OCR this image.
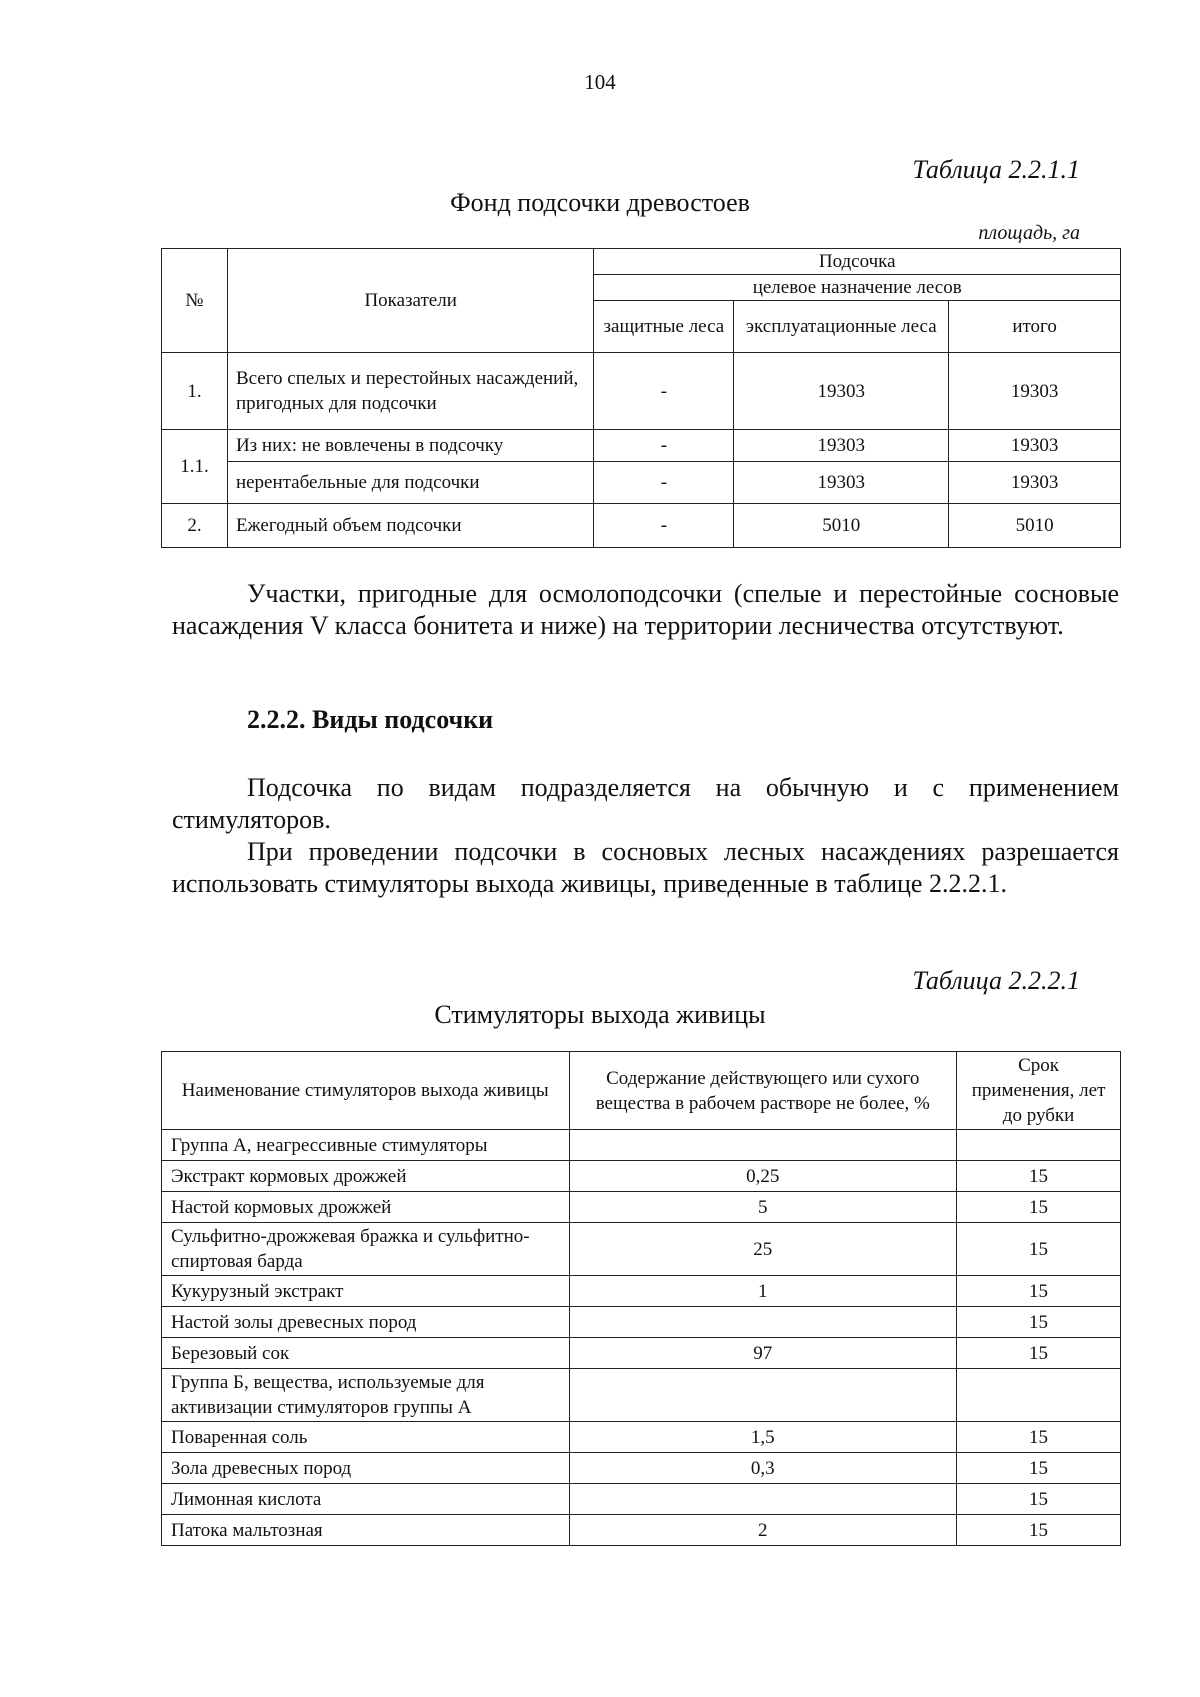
104
Таблица 2.2.1.1
Фонд подсочки древостоев
площадь, га
№	Показатели	Подсочка		
		целевое назначение лесов		
		защитные леса	эксплуатационные леса	итого
1.	Всего спелых и перестойных насаждений, пригодных для подсочки	-	19303	19303
1.1.	Из них: не вовлечены в подсочку	-	19303	19303
	нерентабельные для подсочки	-	19303	19303
2.	Ежегодный объем подсочки	-	5010	5010
Участки, пригодные для осмолоподсочки (спелые и перестойные сосновые насаждения V класса бонитета и ниже) на территории лесничества отсутствуют.
2.2.2. Виды подсочки
Подсочка по видам подразделяется на обычную и с применением стимуляторов.
При проведении подсочки в сосновых лесных насаждениях разрешается использовать стимуляторы выхода живицы, приведенные в таблице 2.2.2.1.
Таблица 2.2.2.1
Стимуляторы выхода живицы
Наименование стимуляторов выхода живицы	Содержание действующего или сухого вещества в рабочем растворе не более, %	Срок применения, лет до рубки
Группа А, неагрессивные стимуляторы		
Экстракт кормовых дрожжей	0,25	15
Настой кормовых дрожжей	5	15
Сульфитно-дрожжевая бражка и сульфитно-спиртовая барда	25	15
Кукурузный экстракт	1	15
Настой золы древесных пород		15
Березовый сок	97	15
Группа Б, вещества, используемые для активизации стимуляторов группы А		
Поваренная соль	1,5	15
Зола древесных пород	0,3	15
Лимонная кислота		15
Патока мальтозная	2	15
